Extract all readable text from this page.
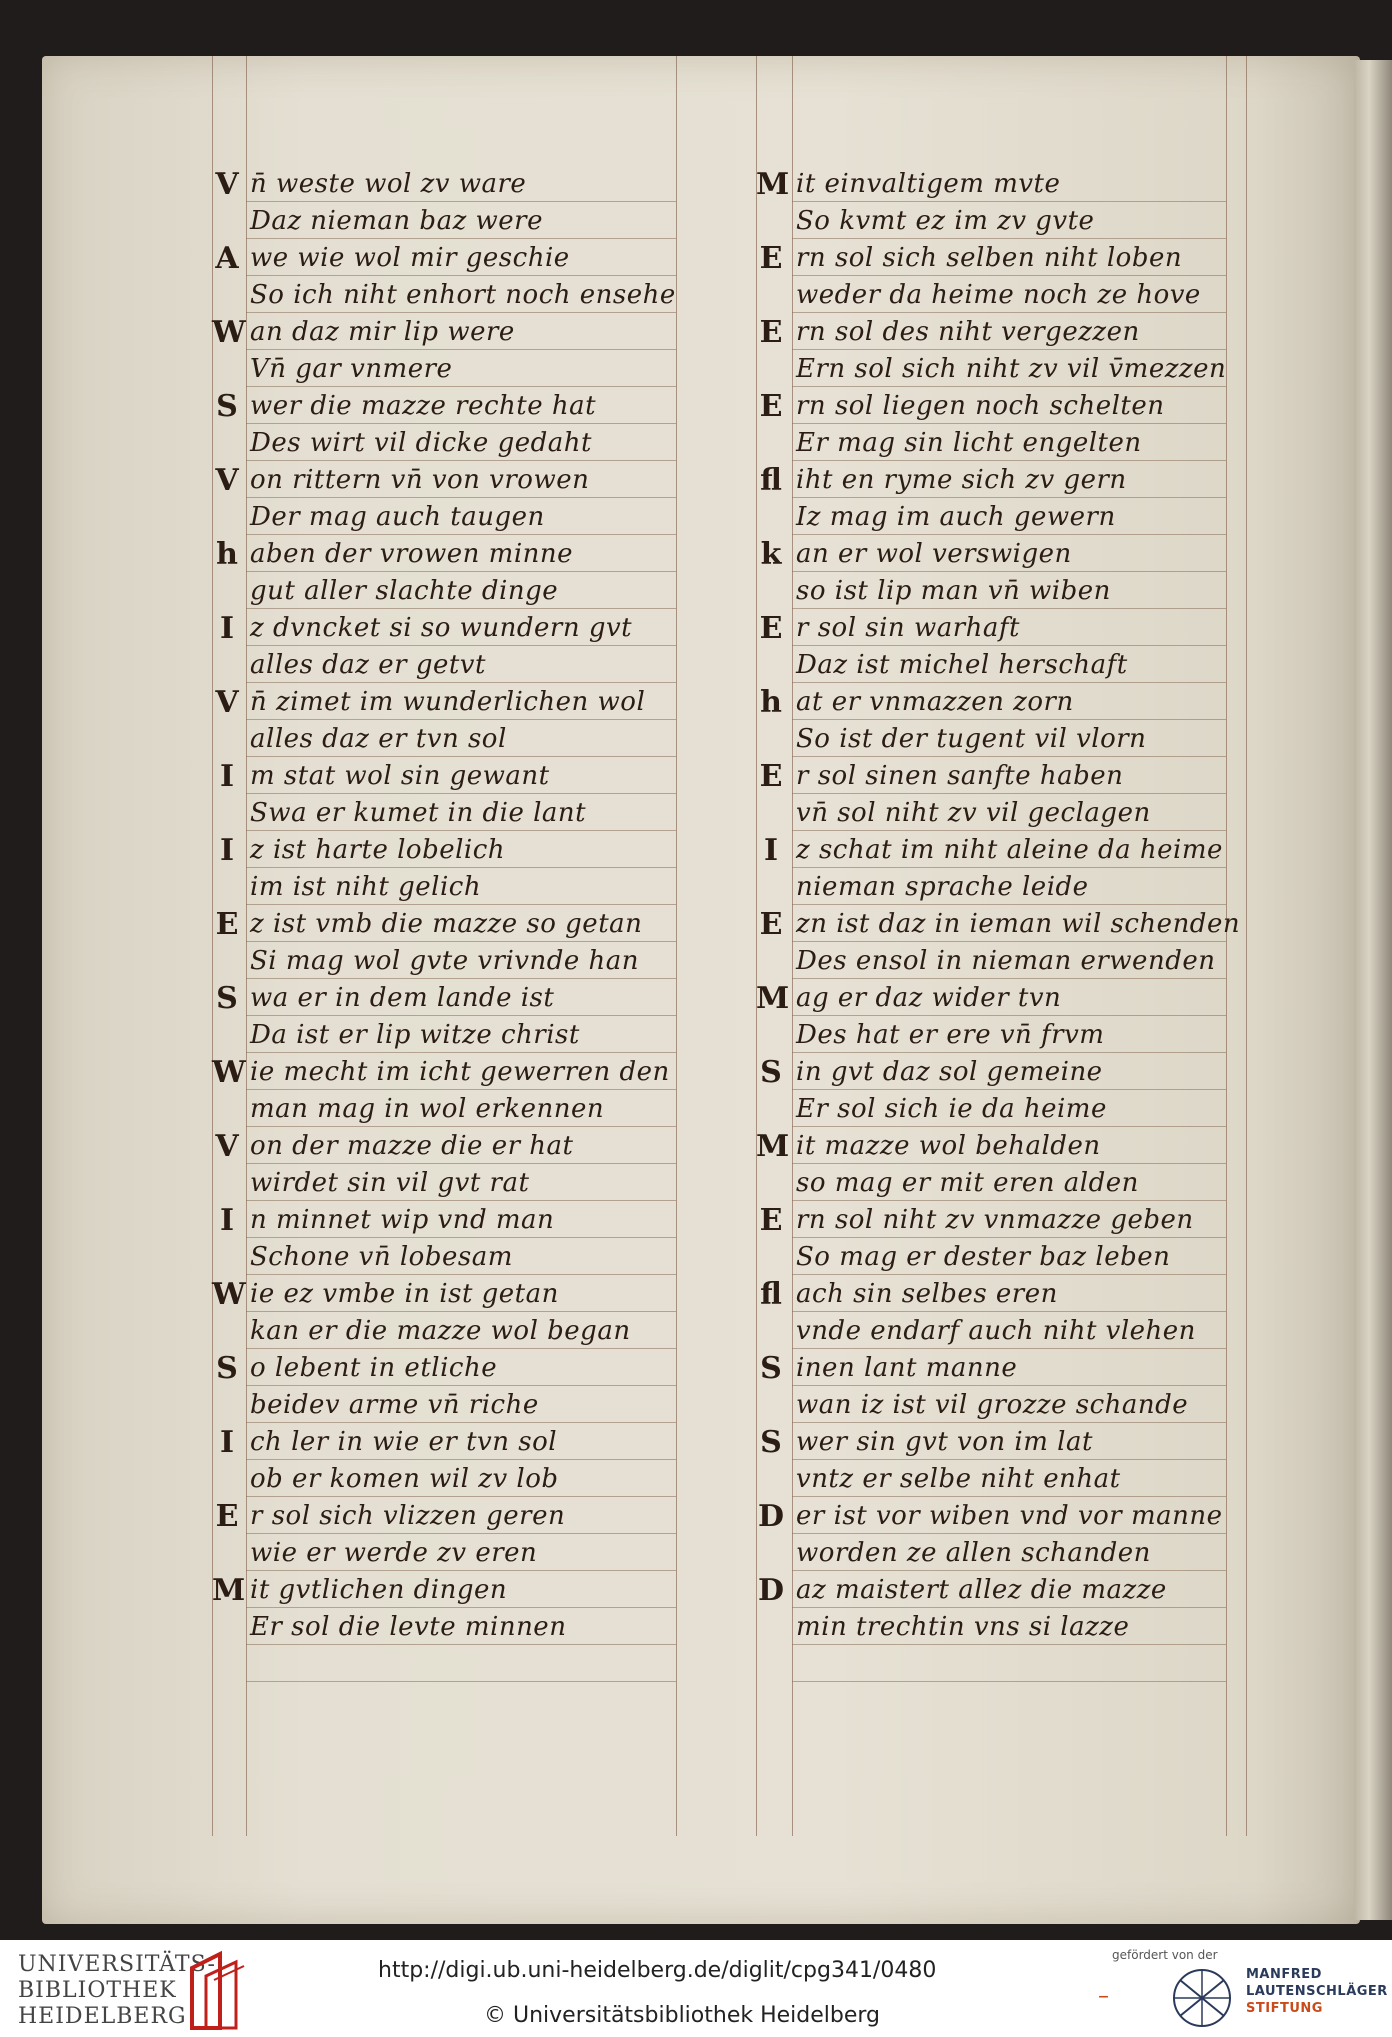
V n̄ weste wol zv ware
Daz nieman baz were
A we wie wol mir geschie
So ich niht enhort noch ensehe
W an daz mir lip were
Vn̄ gar vnmere
S wer die mazze rechte hat
Des wirt vil dicke gedaht
V on rittern vn̄ von vrowen
Der mag auch taugen
h aben der vrowen minne
gut aller slachte dinge
I z dvncket si so wundern gvt
alles daz er getvt
V n̄ zimet im wunderlichen wol
alles daz er tvn sol
I m stat wol sin gewant
Swa er kumet in die lant
I z ist harte lobelich
im ist niht gelich
E z ist vmb die mazze so getan
Si mag wol gvte vrivnde han
S wa er in dem lande ist
Da ist er lip witze christ
W ie mecht im icht gewerren den
man mag in wol erkennen
V on der mazze die er hat
wirdet sin vil gvt rat
I n minnet wip vnd man
Schone vn̄ lobesam
W ie ez vmbe in ist getan
kan er die mazze wol began
S o lebent in etliche
beidev arme vn̄ riche
I ch ler in wie er tvn sol
ob er komen wil zv lob
E r sol sich vlizzen geren
wie er werde zv eren
M it gvtlichen dingen
Er sol die levte minnen
M it einvaltigem mvte
So kvmt ez im zv gvte
E rn sol sich selben niht loben
weder da heime noch ze hove
E rn sol des niht vergezzen
Ern sol sich niht zv vil v̄mezzen
E rn sol liegen noch schelten
Er mag sin licht engelten
fl iht en ryme sich zv gern
Iz mag im auch gewern
k an er wol verswigen
so ist lip man vn̄ wiben
E r sol sin warhaft
Daz ist michel herschaft
h at er vnmazzen zorn
So ist der tugent vil vlorn
E r sol sinen sanfte haben
vn̄ sol niht zv vil geclagen
I z schat im niht aleine da heime
nieman sprache leide
E zn ist daz in ieman wil schenden
Des ensol in nieman erwenden
M ag er daz wider tvn
Des hat er ere vn̄ frvm
S in gvt daz sol gemeine
Er sol sich ie da heime
M it mazze wol behalden
so mag er mit eren alden
E rn sol niht zv vnmazze geben
So mag er dester baz leben
fl ach sin selbes eren
vnde endarf auch niht vlehen
S inen lant manne
wan iz ist vil grozze schande
S wer sin gvt von im lat
vntz er selbe niht enhat
D er ist vor wiben vnd vor manne
worden ze allen schanden
D az maistert allez die mazze
min trechtin vns si lazze
UNIVERSITÄTS-
BIBLIOTHEK
HEIDELBERG
http://digi.ub.uni-heidelberg.de/diglit/cpg341/0480
© Universitätsbibliothek Heidelberg
gefördert von der
–
MANFRED
LAUTENSCHLÄGER
STIFTUNG
